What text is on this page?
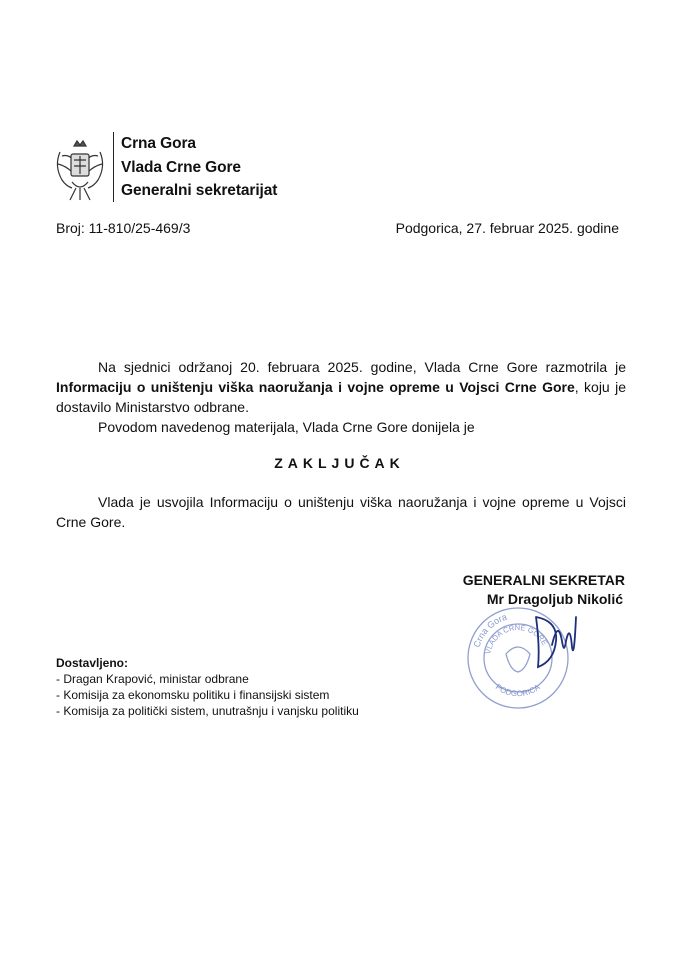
Crna Gora
Vlada Crne Gore
Generalni sekretarijat
Broj: 11-810/25-469/3	Podgorica, 27. februar 2025. godine

Na sjednici održanoj 20. februara 2025. godine, Vlada Crne Gore razmotrila je Informaciju o uništenju viška naoružanja i vojne opreme u Vojsci Crne Gore, koju je dostavilo Ministarstvo odbrane.

Povodom navedenog materijala, Vlada Crne Gore donijela je

ZAKLJUČAK

Vlada je usvojila Informaciju o uništenju viška naoružanja i vojne opreme u Vojsci Crne Gore.

GENERALNI SEKRETAR
Mr Dragoljub Nikolić
Crna Gora
VLADA CRNE GORE
PODGORICA
Dostavljeno:
- Dragan Krapović, ministar odbrane
- Komisija za ekonomsku politiku i finansijski sistem
- Komisija za politički sistem, unutrašnju i vanjsku politiku
